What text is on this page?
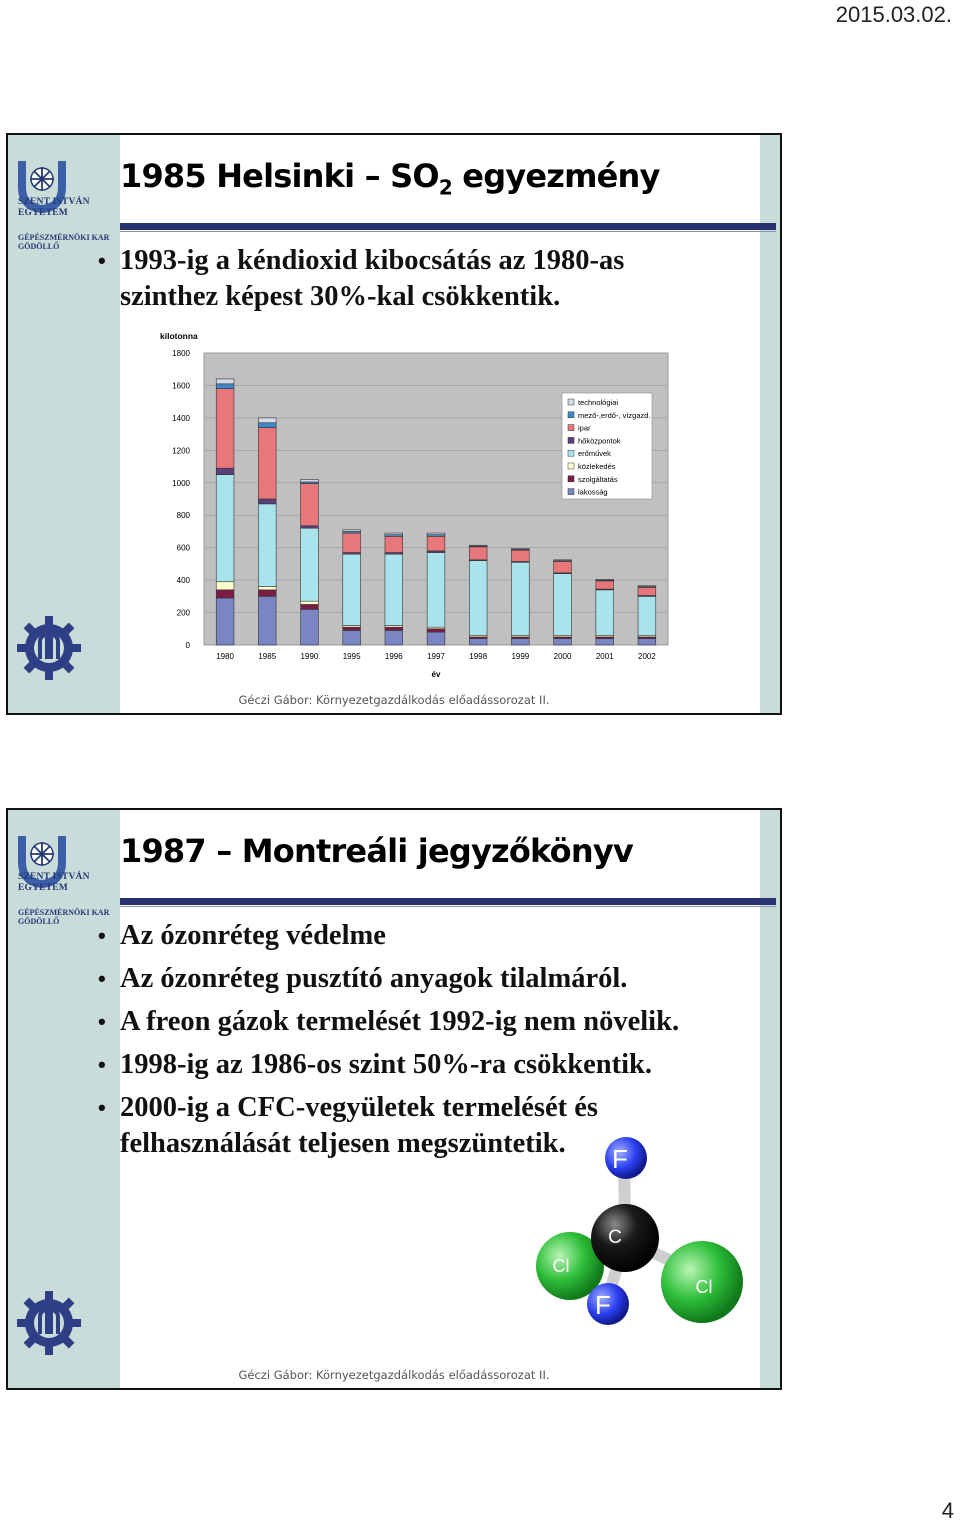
2015.03.02.
SZENT ISTVÁN
EGYETEM
GÉPÉSZMÉRNÖKI KAR
GÖDÖLLŐ
1985 Helsinki – $SO_2$ egyezmény
• 1993-ig a kéndioxid kibocsátás az 1980-as
szinthez képest 30%-kal csökkentik.
kilotonna
0
200
400
600
800
1000
1200
1400
1600
1800
1980	1985	1990	1995	1996	1997	1998	1999	2000	2001	2002
év
technológiai
mező-,erdő-, vízgazd.
ipar
hőközpontok
erőművek
közlekedés
szolgáltatás
lakosság
Géczi Gábor: Környezetgazdálkodás előadássorozat II.
SZENT ISTVÁN
EGYETEM
GÉPÉSZMÉRNÖKI KAR
GÖDÖLLŐ
1987 – Montreáli jegyzőkönyv
• Az ózonréteg védelme
• Az ózonréteg pusztító anyagok tilalmáról.
• A freon gázok termelését 1992-ig nem növelik.
• 1998-ig az 1986-os szint 50%-ra csökkentik.
• 2000-ig a CFC-vegyületek termelését és
felhasználását teljesen megszüntetik.	F
C
Cl
Cl
F
Géczi Gábor: Környezetgazdálkodás előadássorozat II.
4
